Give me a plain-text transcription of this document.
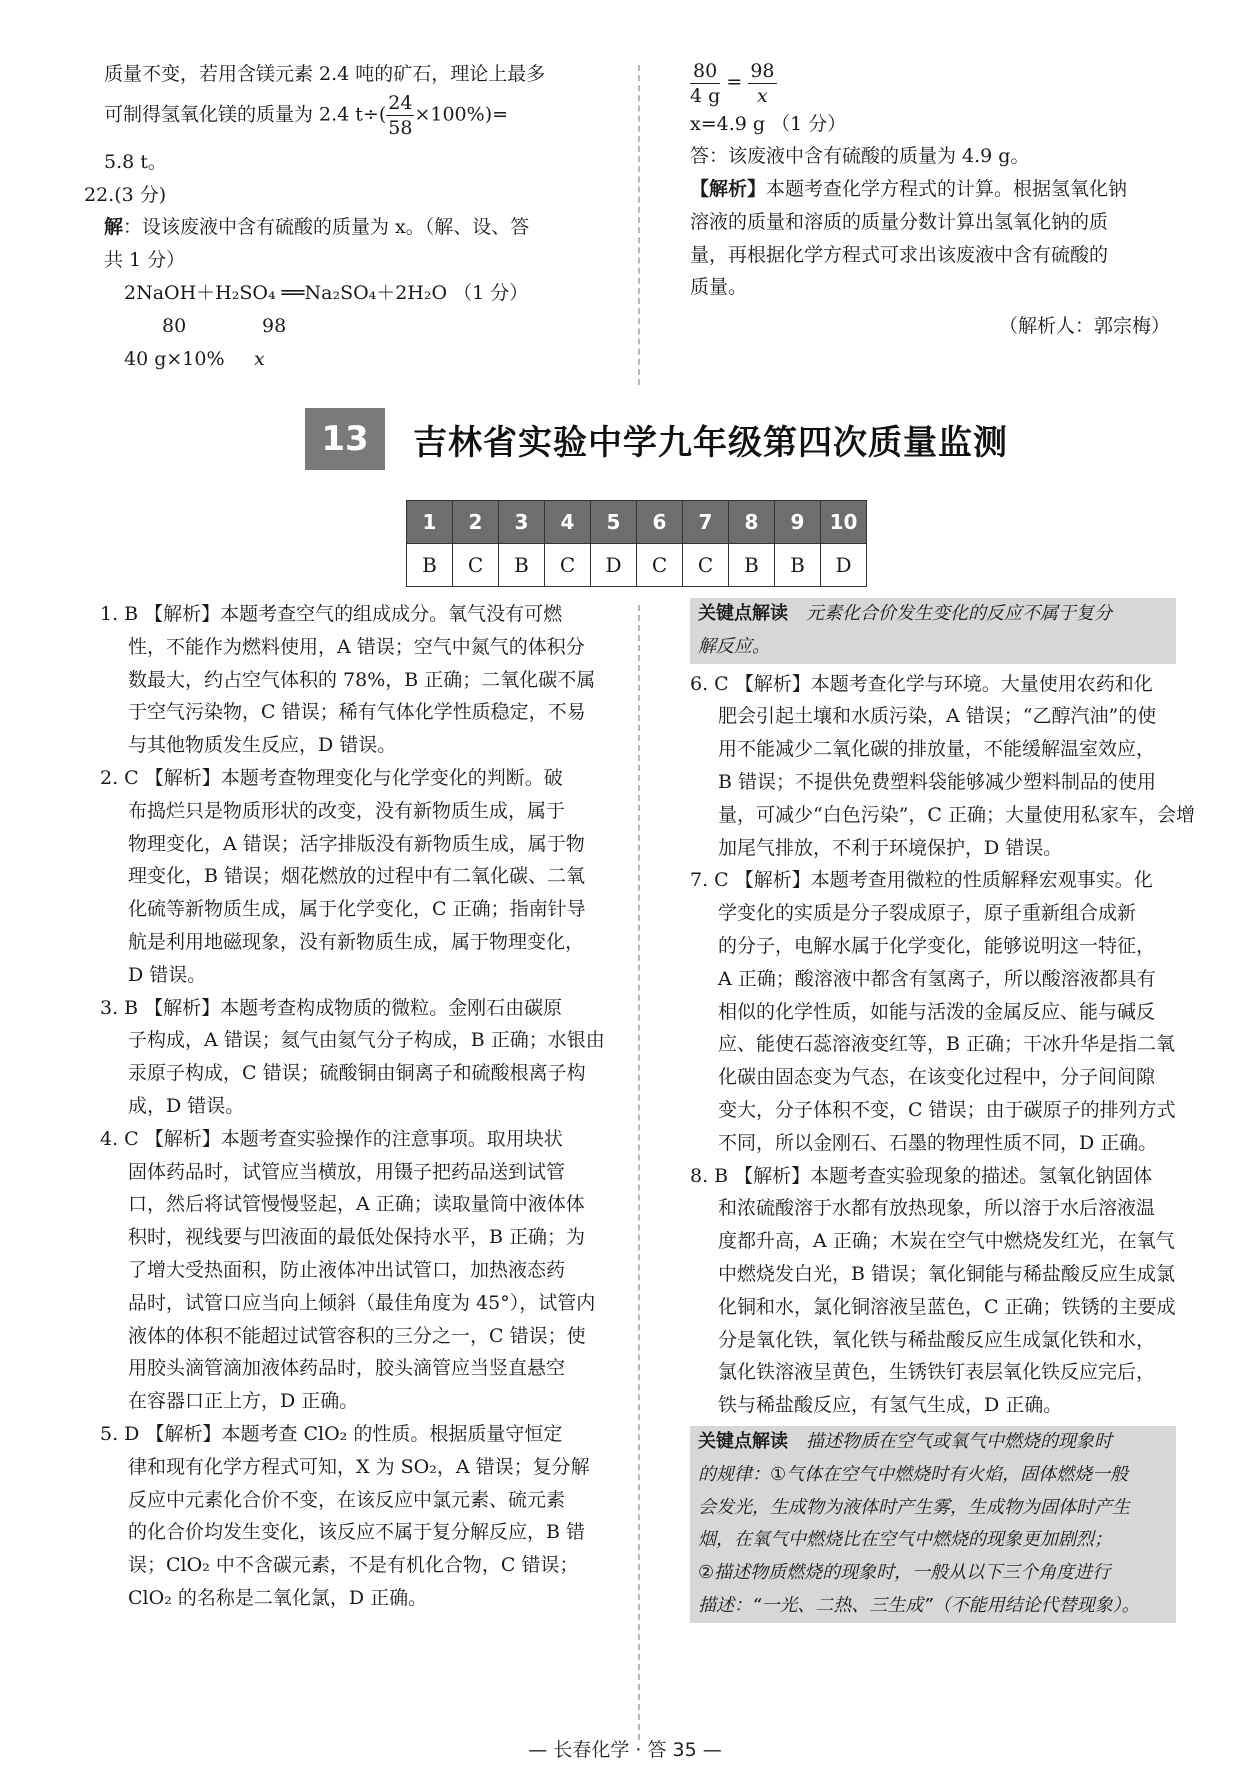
质量不变，若用含镁元素 2.4 吨的矿石，理论上最多
可制得氢氧化镁的质量为 2.4 $t\div( \frac{24}{58} \times 100\%)=$
5.8 t。
22.(3 分)
解：设该废液中含有硫酸的质量为 x。（解、设、答
共 1 分）
2NaOH＋H₂SO₄ ══Na₂SO₄＋2H₂O （1 分）
80	98
40 g×10% x
$\frac{80}{4 g} = \frac{98}{x}$
x=4.9 g （1 分）
答：该废液中含有硫酸的质量为 4.9 g。
【解析】本题考查化学方程式的计算。根据氢氧化钠
溶液的质量和溶质的质量分数计算出氢氧化钠的质
量，再根据化学方程式可求出该废液中含有硫酸的
质量。
（解析人：郭宗梅）
13	吉林省实验中学九年级第四次质量监测
1	2	3	4	5	6	7	8	9	10
B	C	B	C	D	C	C	B	B	D
1. B 【解析】本题考查空气的组成成分。氧气没有可燃
性，不能作为燃料使用，A 错误；空气中氮气的体积分
数最大，约占空气体积的 78%，B 正确；二氧化碳不属
于空气污染物，C 错误；稀有气体化学性质稳定，不易
与其他物质发生反应，D 错误。
2. C 【解析】本题考查物理变化与化学变化的判断。破
布捣烂只是物质形状的改变，没有新物质生成，属于
物理变化，A 错误；活字排版没有新物质生成，属于物
理变化，B 错误；烟花燃放的过程中有二氧化碳、二氧
化硫等新物质生成，属于化学变化，C 正确；指南针导
航是利用地磁现象，没有新物质生成，属于物理变化，
D 错误。
3. B 【解析】本题考查构成物质的微粒。金刚石由碳原
子构成，A 错误；氦气由氦气分子构成，B 正确；水银由
汞原子构成，C 错误；硫酸铜由铜离子和硫酸根离子构
成，D 错误。
4. C 【解析】本题考查实验操作的注意事项。取用块状
固体药品时，试管应当横放，用镊子把药品送到试管
口，然后将试管慢慢竖起，A 正确；读取量筒中液体体
积时，视线要与凹液面的最低处保持水平，B 正确；为
了增大受热面积，防止液体冲出试管口，加热液态药
品时，试管口应当向上倾斜（最佳角度为 45°），试管内
液体的体积不能超过试管容积的三分之一，C 错误；使
用胶头滴管滴加液体药品时，胶头滴管应当竖直悬空
在容器口正上方，D 正确。
5. D 【解析】本题考查 ClO₂ 的性质。根据质量守恒定
律和现有化学方程式可知，X 为 SO₂，A 错误；复分解
反应中元素化合价不变，在该反应中氯元素、硫元素
的化合价均发生变化，该反应不属于复分解反应，B 错
误；ClO₂ 中不含碳元素，不是有机化合物，C 错误；
ClO₂ 的名称是二氧化氯，D 正确。
关键点解读　 元素化合价发生变化的反应不属于复分
解反应。
6. C 【解析】本题考查化学与环境。大量使用农药和化
肥会引起土壤和水质污染，A 错误；“乙醇汽油”的使
用不能减少二氧化碳的排放量，不能缓解温室效应，
B 错误；不提供免费塑料袋能够减少塑料制品的使用
量，可减少“白色污染”，C 正确；大量使用私家车，会增
加尾气排放，不利于环境保护，D 错误。
7. C 【解析】本题考查用微粒的性质解释宏观事实。化
学变化的实质是分子裂成原子，原子重新组合成新
的分子，电解水属于化学变化，能够说明这一特征，
A 正确；酸溶液中都含有氢离子，所以酸溶液都具有
相似的化学性质，如能与活泼的金属反应、能与碱反
应、能使石蕊溶液变红等，B 正确；干冰升华是指二氧
化碳由固态变为气态，在该变化过程中，分子间间隙
变大，分子体积不变，C 错误；由于碳原子的排列方式
不同，所以金刚石、石墨的物理性质不同，D 正确。
8. B 【解析】本题考查实验现象的描述。氢氧化钠固体
和浓硫酸溶于水都有放热现象，所以溶于水后溶液温
度都升高，A 正确；木炭在空气中燃烧发红光，在氧气
中燃烧发白光，B 错误；氧化铜能与稀盐酸反应生成氯
化铜和水，氯化铜溶液呈蓝色，C 正确；铁锈的主要成
分是氧化铁，氧化铁与稀盐酸反应生成氯化铁和水，
氯化铁溶液呈黄色，生锈铁钉表层氧化铁反应完后，
铁与稀盐酸反应，有氢气生成，D 正确。
关键点解读　 描述物质在空气或氧气中燃烧的现象时
的规律：①气体在空气中燃烧时有火焰，固体燃烧一般
会发光，生成物为液体时产生雾，生成物为固体时产生
烟，在氧气中燃烧比在空气中燃烧的现象更加剧烈；
②描述物质燃烧的现象时，一般从以下三个角度进行
描述：“一光、二热、三生成”（不能用结论代替现象）。
— 长春化学 · 答 35 —
